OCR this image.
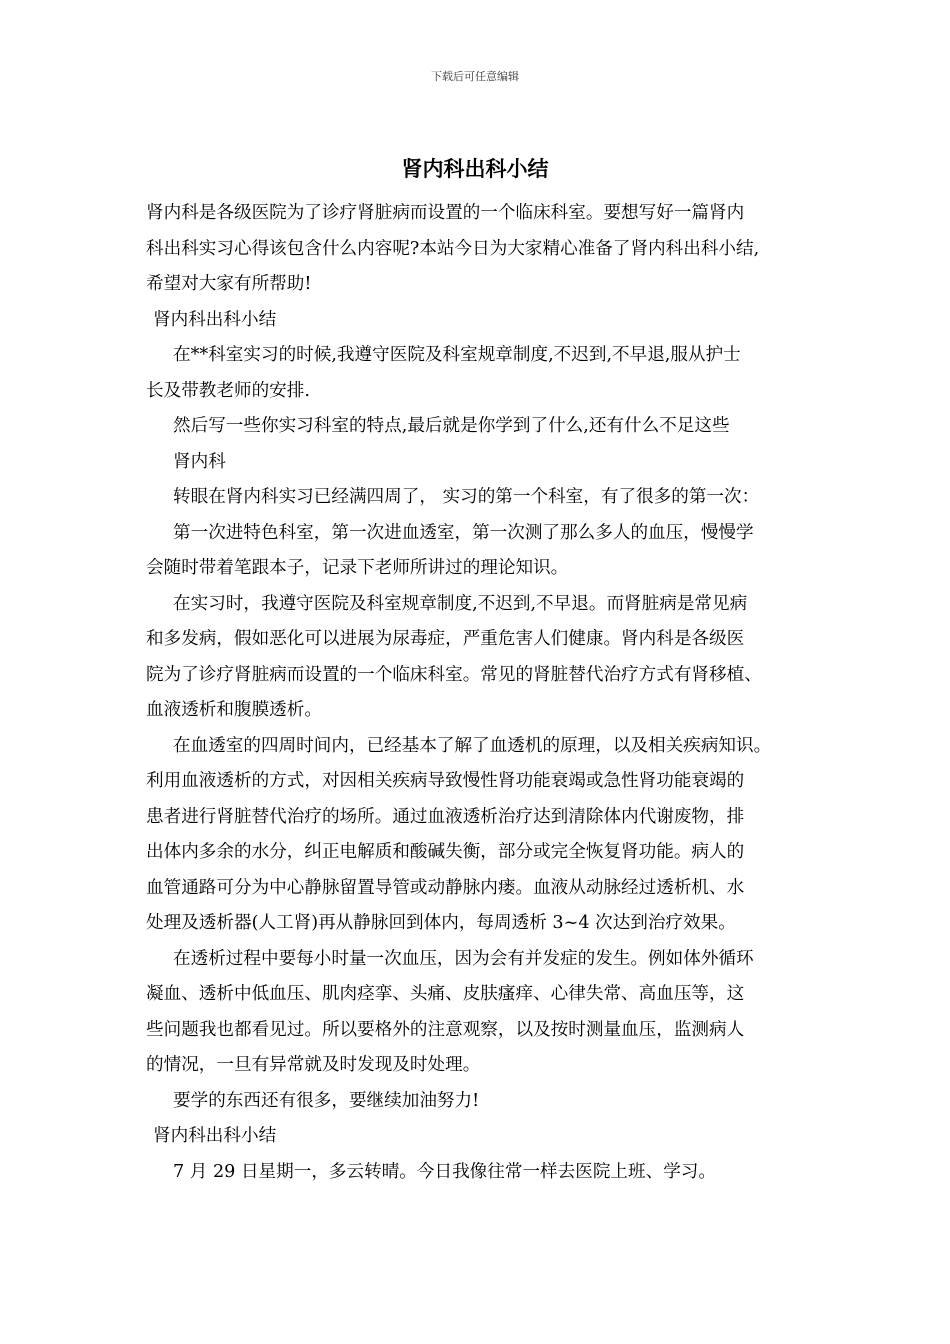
下载后可任意编辑
肾内科出科小结

肾内科是各级医院为了诊疗肾脏病而设置的一个临床科室。要想写好一篇肾内

科出科实习心得该包含什么内容呢?本站今日为大家精心准备了肾内科出科小结,

希望对大家有所帮助!

肾内科出科小结

在**科室实习的时候,我遵守医院及科室规章制度,不迟到,不早退,服从护士

长及带教老师的安排.

然后写一些你实习科室的特点,最后就是你学到了什么,还有什么不足这些

肾内科

转眼在肾内科实习已经满四周了， 实习的第一个科室，有了很多的第一次：

第一次进特色科室，第一次进血透室，第一次测了那么多人的血压，慢慢学

会随时带着笔跟本子，记录下老师所讲过的理论知识。

在实习时，我遵守医院及科室规章制度,不迟到,不早退。而肾脏病是常见病

和多发病，假如恶化可以进展为尿毒症，严重危害人们健康。肾内科是各级医

院为了诊疗肾脏病而设置的一个临床科室。常见的肾脏替代治疗方式有肾移植、

血液透析和腹膜透析。

在血透室的四周时间内，已经基本了解了血透机的原理，以及相关疾病知识。

利用血液透析的方式，对因相关疾病导致慢性肾功能衰竭或急性肾功能衰竭的

患者进行肾脏替代治疗的场所。通过血液透析治疗达到清除体内代谢废物，排

出体内多余的水分，纠正电解质和酸碱失衡，部分或完全恢复肾功能。病人的

血管通路可分为中心静脉留置导管或动静脉内瘘。血液从动脉经过透析机、水

处理及透析器(人工肾)再从静脉回到体内，每周透析 3~4 次达到治疗效果。

在透析过程中要每小时量一次血压，因为会有并发症的发生。例如体外循环

凝血、透析中低血压、肌肉痉挛、头痛、皮肤瘙痒、心律失常、高血压等，这

些问题我也都看见过。所以要格外的注意观察，以及按时测量血压，监测病人

的情况，一旦有异常就及时发现及时处理。

要学的东西还有很多，要继续加油努力!

肾内科出科小结

7 月 29 日星期一，多云转晴。今日我像往常一样去医院上班、学习。
